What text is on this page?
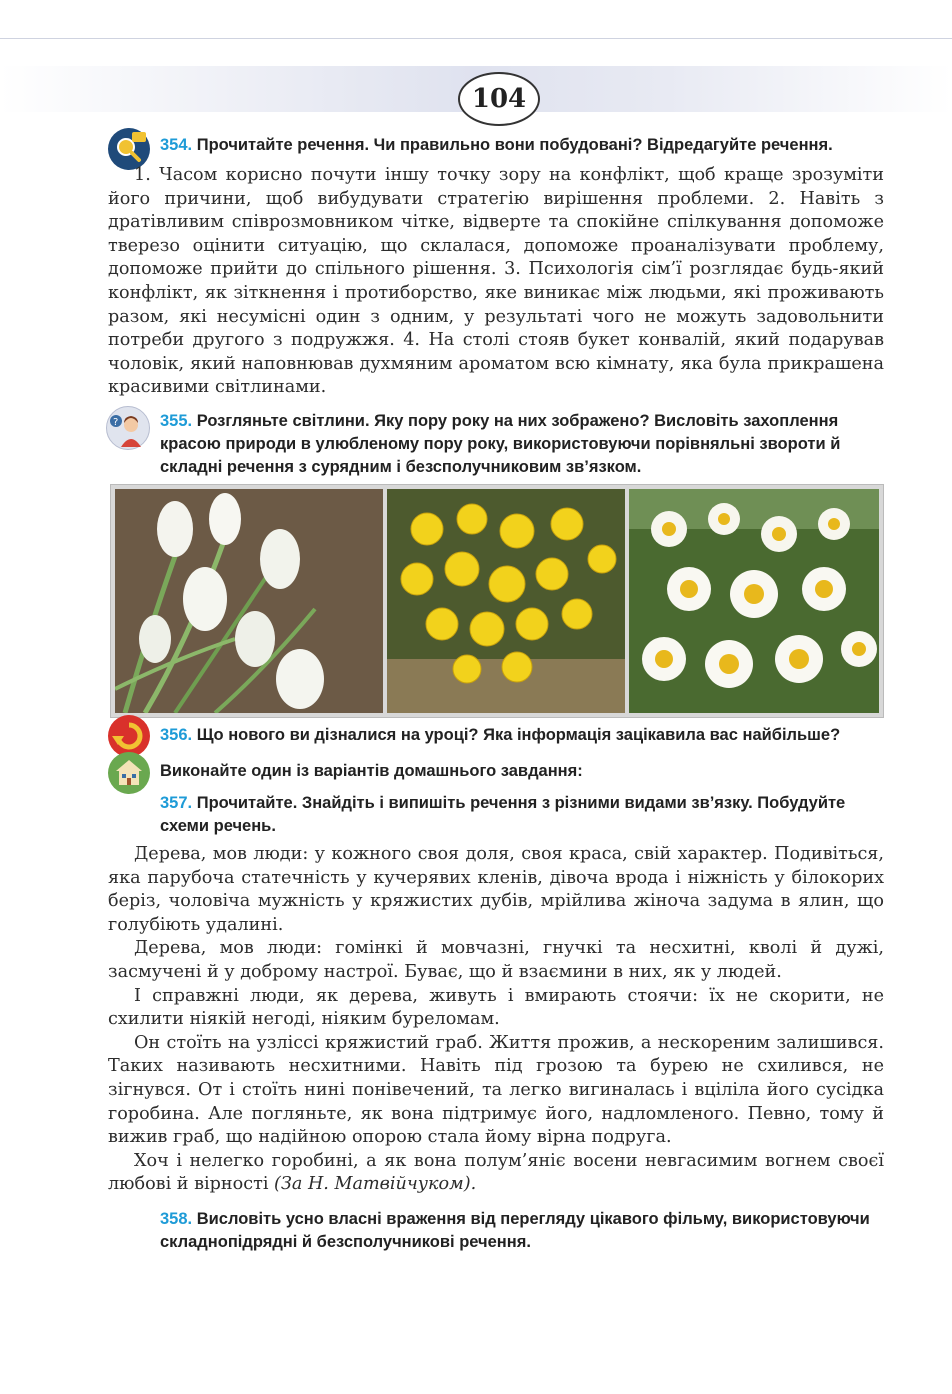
104
354. Прочитайте речення. Чи правильно вони побудовані? Відредагуйте речення.

1. Часом корисно почути іншу точку зору на конфлікт, щоб краще зрозуміти його причини, щоб вибудувати стратегію вирішення проблеми. 2. Навіть з дратівливим співрозмовником чітке, відверте та спокійне спілкування допоможе тверезо оцінити ситуацію, що склалася, допоможе проаналізувати проблему, допоможе прийти до спільного рішення. 3. Психологія сім’ї розглядає будь-який конфлікт, як зіткнення і протиборство, яке виникає між людьми, які проживають разом, які несумісні один з одним, у результаті чого не можуть задовольнити потреби другого з подружжя. 4. На столі стояв букет конвалій, який подарував чоловік, який наповнював духмяним ароматом всю кімнату, яка була прикрашена красивими світлинами.

?	355. Розгляньте світлини. Яку пору року на них зображено? Висловіть захоплення красою природи в улюбленому пору року, використовуючи порівняльні звороти й складні речення з сурядним і безсполучниковим зв’язком.
356. Що нового ви дізналися на уроці? Яка інформація зацікавила вас найбільше?
Виконайте один із варіантів домашнього завдання:
357. Прочитайте. Знайдіть і випишіть речення з різними видами зв’язку. Побудуйте схеми речень.

Дерева, мов люди: у кожного своя доля, своя краса, свій характер. Подивіться, яка парубоча статечність у кучерявих кленів, дівоча врода і ніжність у білокорих беріз, чоловіча мужність у кряжистих дубів, мрійлива жіноча задума в ялин, що голубіють удалині.

Дерева, мов люди: гомінкі й мовчазні, гнучкі та несхитні, кволі й дужі, засмучені й у доброму настрої. Буває, що й взаємини в них, як у людей.

І справжні люди, як дерева, живуть і вмирають стоячи: їх не скорити, не схилити ніякій негоді, ніяким буреломам.

Он стоїть на узліссі кряжистий граб. Життя прожив, а нескореним залишився. Таких називають несхитними. Навіть під грозою та бурею не схилився, не зігнувся. От і стоїть нині понівечений, та легко вигиналась і вціліла його сусідка горобина. Але погляньте, як вона підтримує його, надломленого. Певно, тому й вижив граб, що надійною опорою стала йому вірна подруга.

Хоч і нелегко горобині, а як вона полум’яніє восени невгасимим вогнем своєї любові й вірності (За Н. Матвійчуком).

358. Висловіть усно власні враження від перегляду цікавого фільму, використовуючи складнопідрядні й безсполучникові речення.
